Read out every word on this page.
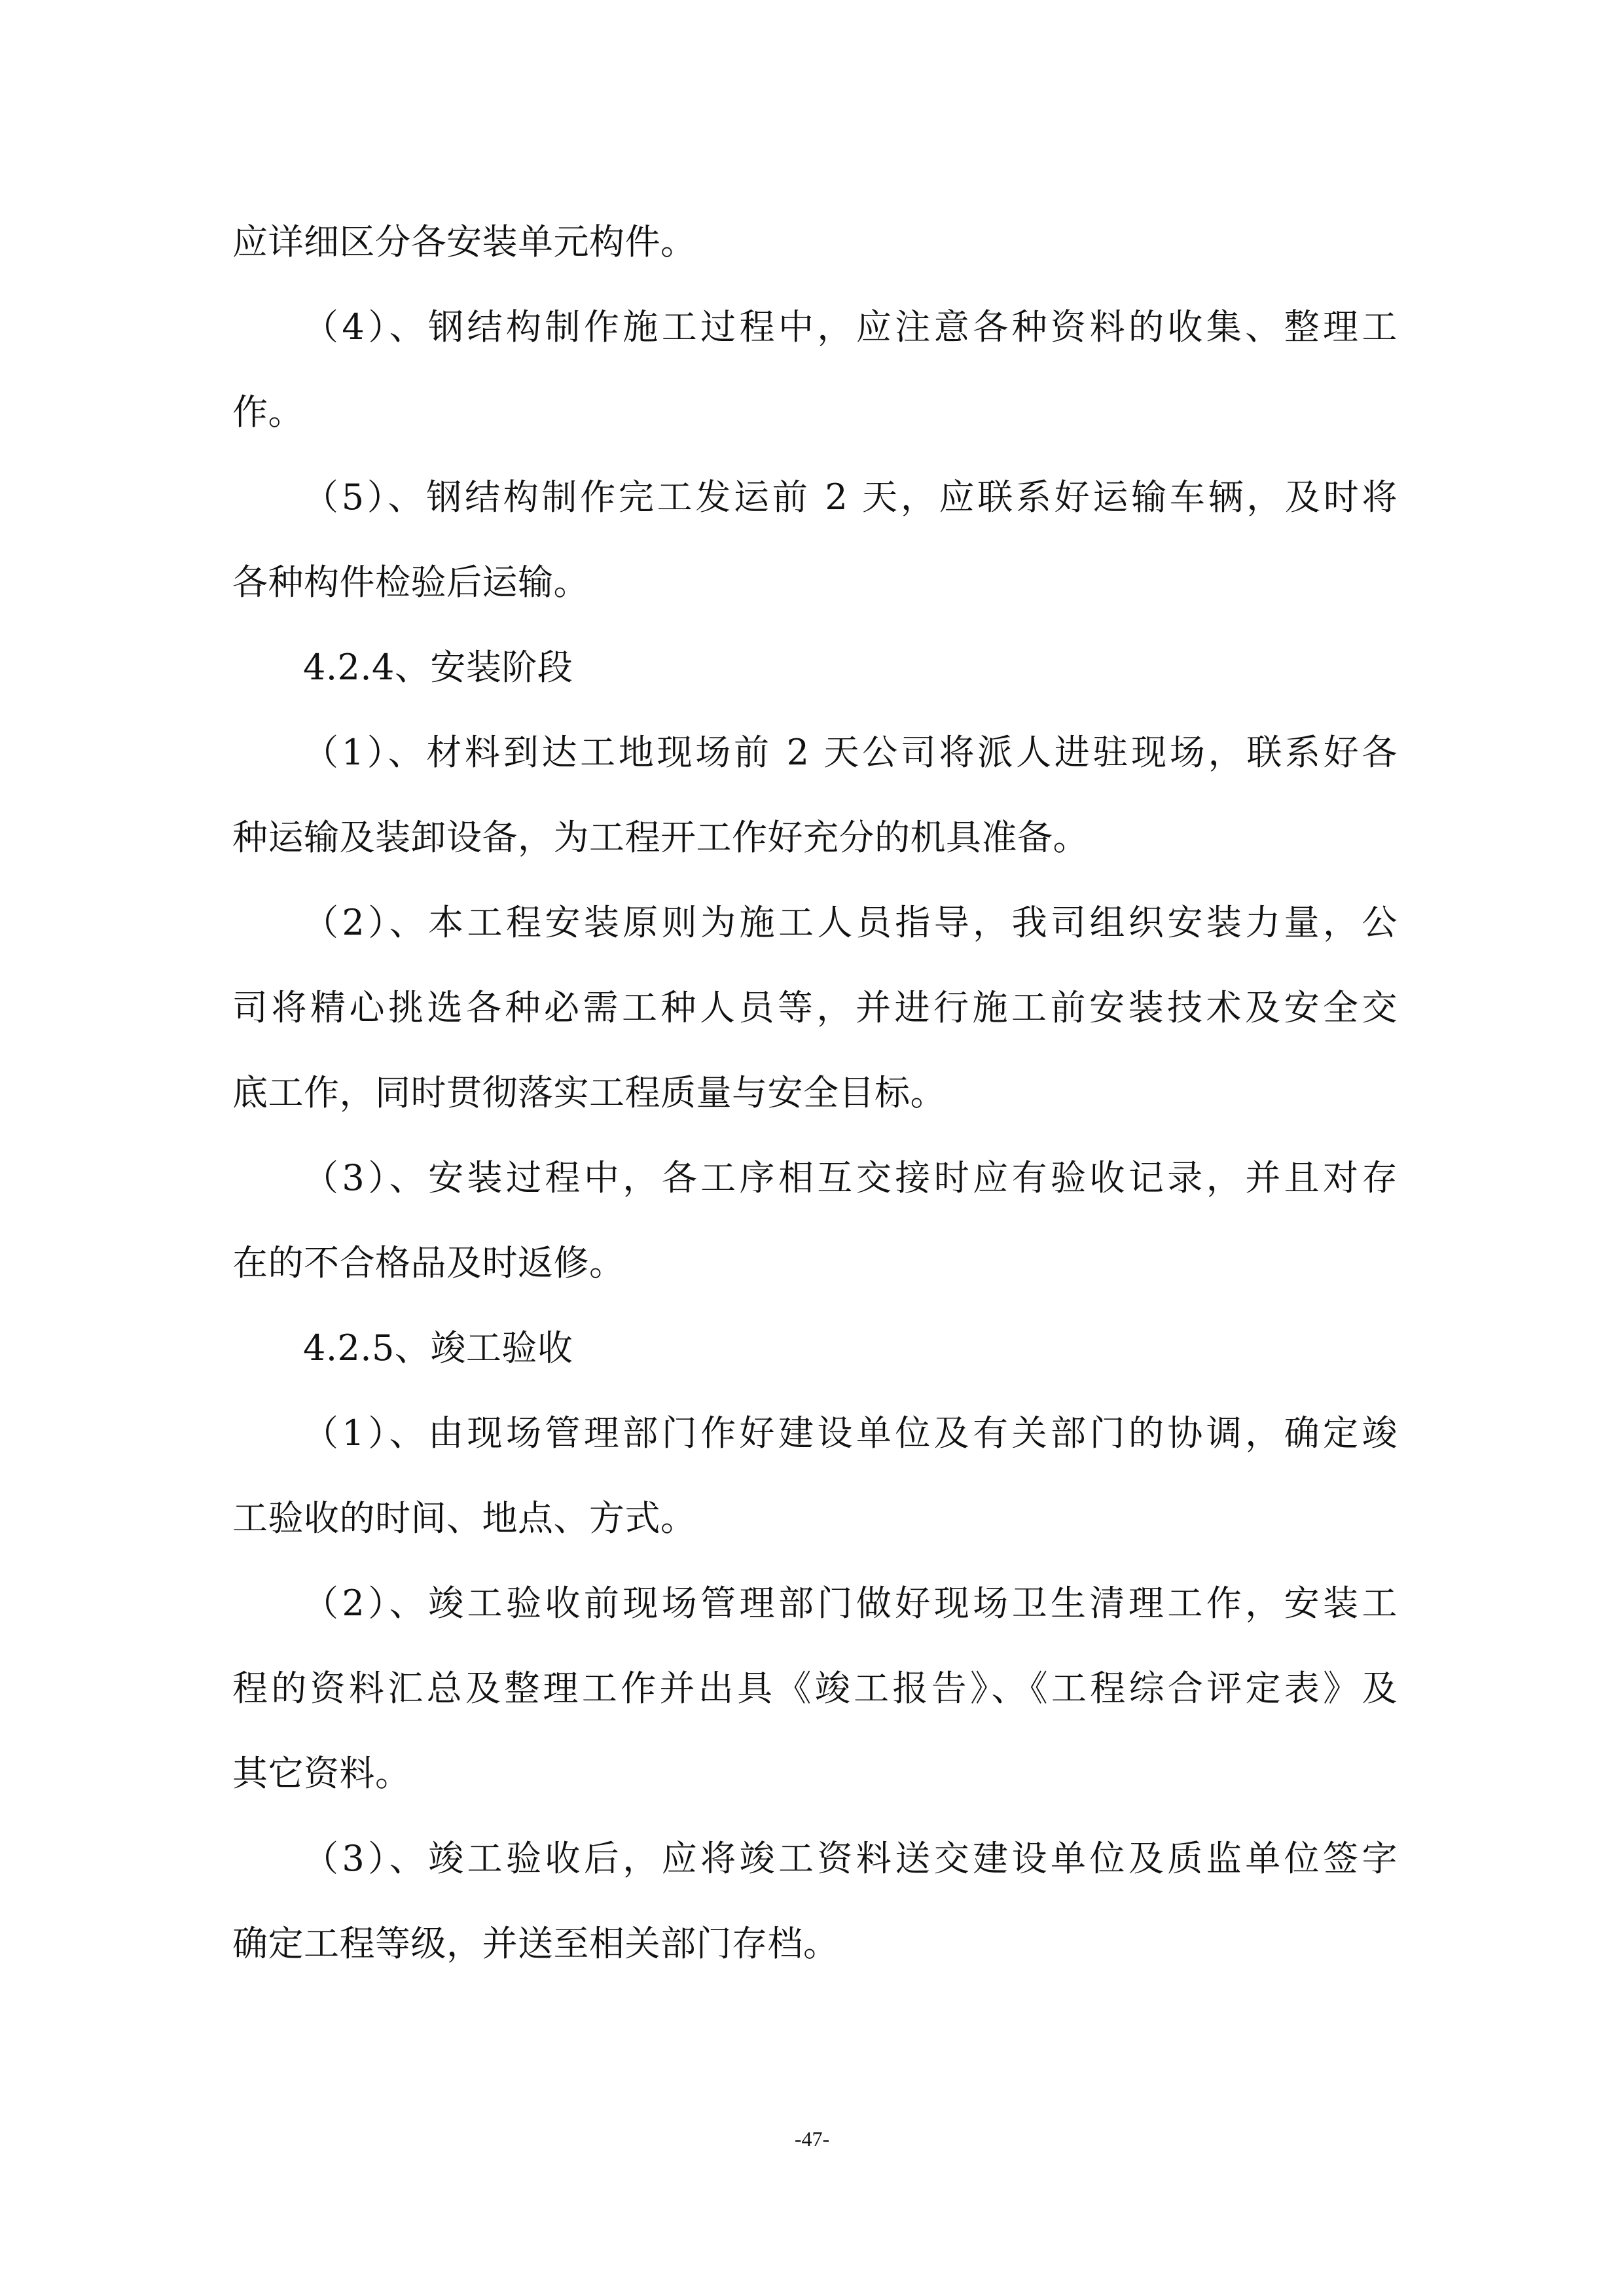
应详细区分各安装单元构件。
（4）、钢结构制作施工过程中，应注意各种资料的收集、整理工
作。
（5）、钢结构制作完工发运前 2 天，应联系好运输车辆，及时将
各种构件检验后运输。
4.2.4、安装阶段
（1）、材料到达工地现场前 2 天公司将派人进驻现场，联系好各
种运输及装卸设备，为工程开工作好充分的机具准备。
（2）、本工程安装原则为施工人员指导，我司组织安装力量，公
司将精心挑选各种必需工种人员等，并进行施工前安装技术及安全交
底工作，同时贯彻落实工程质量与安全目标。
（3）、安装过程中，各工序相互交接时应有验收记录，并且对存
在的不合格品及时返修。
4.2.5、竣工验收
（1）、由现场管理部门作好建设单位及有关部门的协调，确定竣
工验收的时间、地点、方式。
（2）、竣工验收前现场管理部门做好现场卫生清理工作，安装工
程的资料汇总及整理工作并出具《竣工报告》、《工程综合评定表》及
其它资料。
（3）、竣工验收后，应将竣工资料送交建设单位及质监单位签字
确定工程等级，并送至相关部门存档。
-47-
